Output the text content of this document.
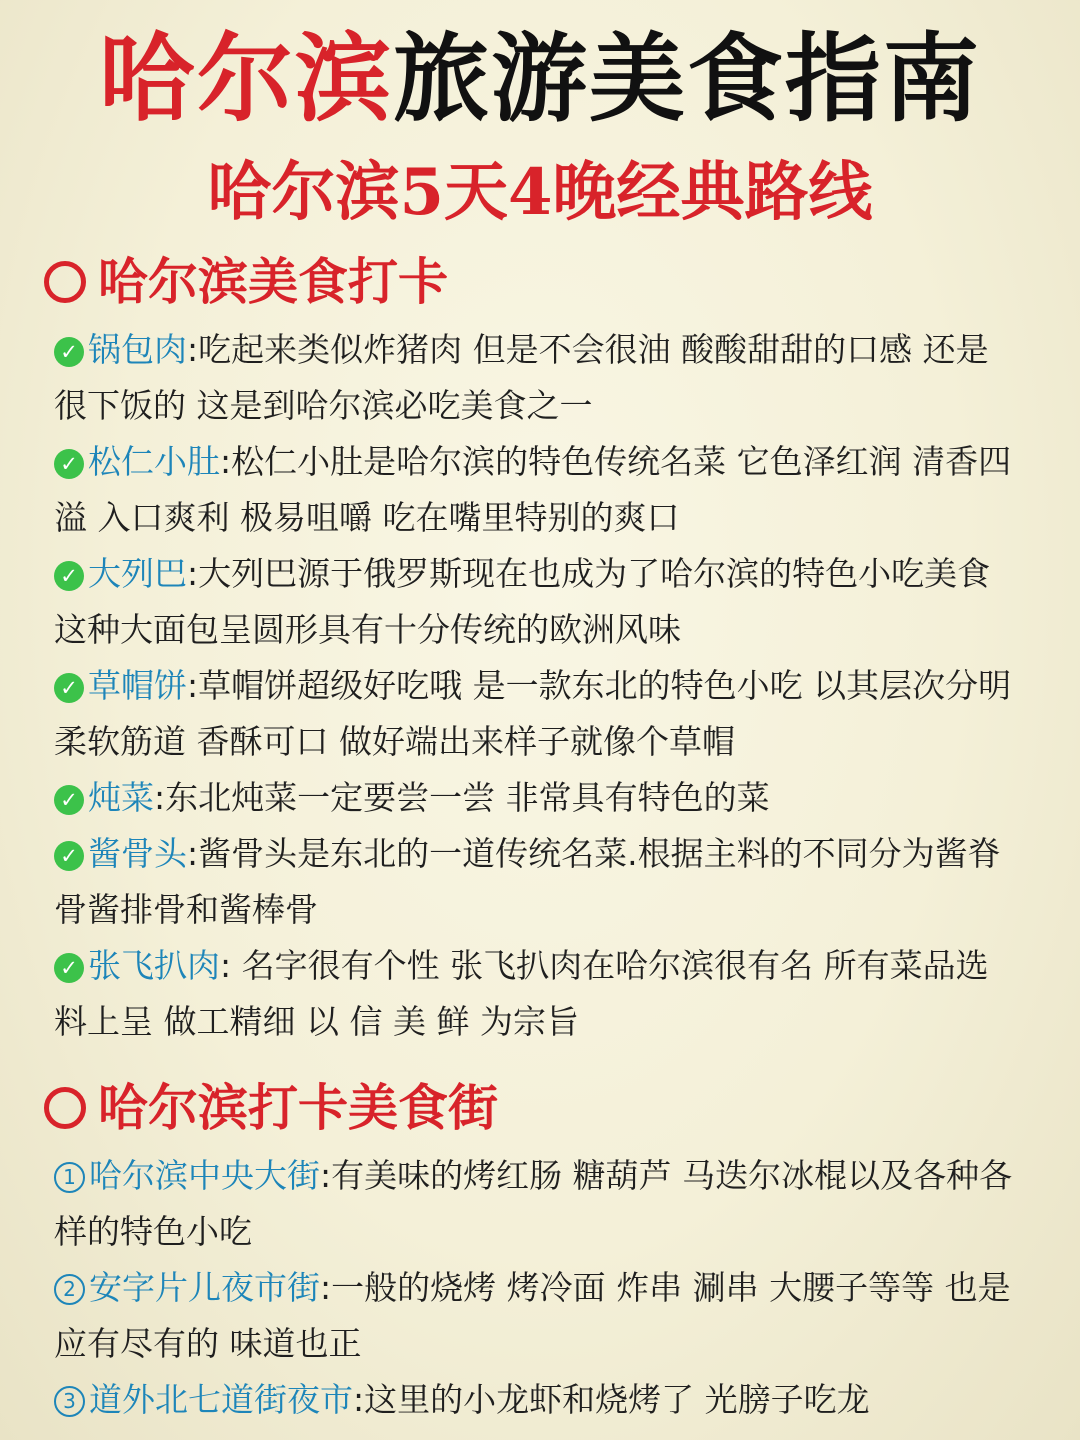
哈尔滨旅游美食指南
哈尔滨5天4晚经典路线
哈尔滨美食打卡
✓ 锅包肉:吃起来类似炸猪肉 但是不会很油 酸酸甜甜的口感 还是很下饭的 这是到哈尔滨必吃美食之一
✓ 松仁小肚:松仁小肚是哈尔滨的特色传统名菜 它色泽红润 清香四溢 入口爽利 极易咀嚼 吃在嘴里特别的爽口
✓ 大列巴:大列巴源于俄罗斯现在也成为了哈尔滨的特色小吃美食 这种大面包呈圆形具有十分传统的欧洲风味
✓ 草帽饼:草帽饼超级好吃哦 是一款东北的特色小吃 以其层次分明柔软筋道 香酥可口 做好端出来样子就像个草帽
✓ 炖菜:东北炖菜一定要尝一尝 非常具有特色的菜
✓ 酱骨头:酱骨头是东北的一道传统名菜.根据主料的不同分为酱脊骨酱排骨和酱棒骨
✓ 张飞扒肉: 名字很有个性 张飞扒肉在哈尔滨很有名 所有菜品选料上呈 做工精细 以 信 美 鲜 为宗旨
哈尔滨打卡美食街
1 哈尔滨中央大街:有美味的烤红肠 糖葫芦 马迭尔冰棍以及各种各样的特色小吃
2 安字片儿夜市街:一般的烧烤 烤冷面 炸串 涮串 大腰子等等 也是应有尽有的 味道也正
3 道外北七道街夜市:这里的小龙虾和烧烤了 光膀子吃龙
